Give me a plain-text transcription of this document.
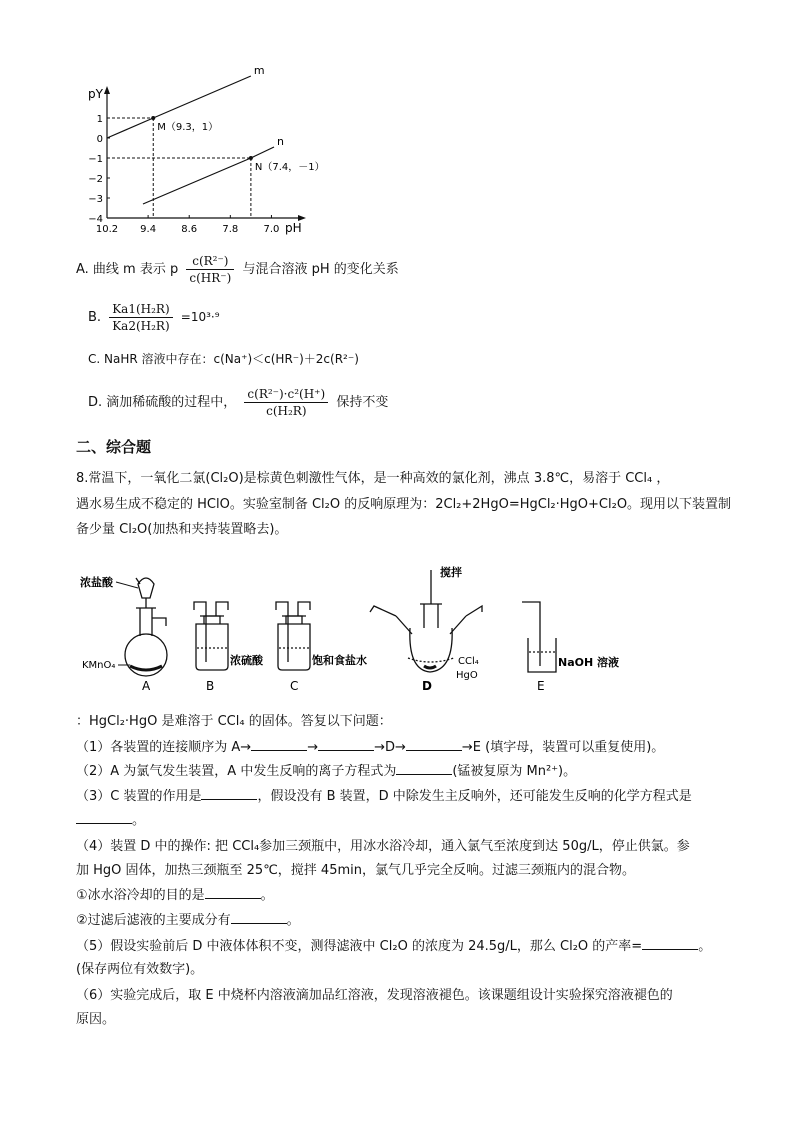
pY
pH
10.2 9.4	8.6	7.8	7.0
1
0
−1
−2
−3
−4
m
n
M（9.3，1）
N（7.4，－1）
A. 曲线 m 表示 p $\frac{\text{c(R²⁻)}}{c(HR^-)}$ 与混合溶液 pH 的变化关系
B. $\frac{\text{Ka1(H₂R)}}{\text{Ka2(H₂R)}} =10^3\cdot^9$
C. NaHR 溶液中存在：c(Na⁺)＜c(HR⁻)＋2c(R²⁻)
D. 滴加稀硫酸的过程中， $\frac{\text{c(R²⁻)·c²(H⁺)}}{\text{c(H₂R)}}$ 保持不变
二、综合题
8.常温下，一氧化二氯(Cl₂O)是棕黄色刺激性气体，是一种高效的氯化剂，沸点 3.8℃，易溶于 CCl₄ ，
遇水易生成不稳定的 HClO。实验室制备 Cl₂O 的反响原理为：2Cl₂+2HgO=HgCl₂·HgO+Cl₂O。现用以下装置制
备少量 Cl₂O(加热和夹持装置略去)。
浓盐酸
KMnO₄
A
浓硫酸
B
饱和食盐水
C
搅拌
CCl₄
HgO
D
NaOH 溶液
E
：HgCl₂·HgO 是难溶于 CCl₄ 的固体。答复以下问题：
（1）各装置的连接顺序为 A→	→	→D→	→E (填字母，装置可以重复使用)。
（2）A 为氯气发生装置，A 中发生反响的离子方程式为	(锰被复原为 Mn²⁺)。
（3）C 装置的作用是	，假设没有 B 装置，D 中除发生主反响外，还可能发生反响的化学方程式是
。
（4）装置 D 中的操作: 把 CCl₄参加三颈瓶中，用冰水浴冷却，通入氯气至浓度到达 50g/L，停止供氯。参
加 HgO 固体，加热三颈瓶至 25℃，搅拌 45min，氯气几乎完全反响。过滤三颈瓶内的混合物。
①冰水浴冷却的目的是	。
②过滤后滤液的主要成分有	。
（5）假设实验前后 D 中液体体积不变，测得滤液中 Cl₂O 的浓度为 24.5g/L，那么 Cl₂O 的产率=	。
(保存两位有效数字)。
（6）实验完成后，取 E 中烧杯内溶液滴加品红溶液，发现溶液褪色。该课题组设计实验探究溶液褪色的
原因。
